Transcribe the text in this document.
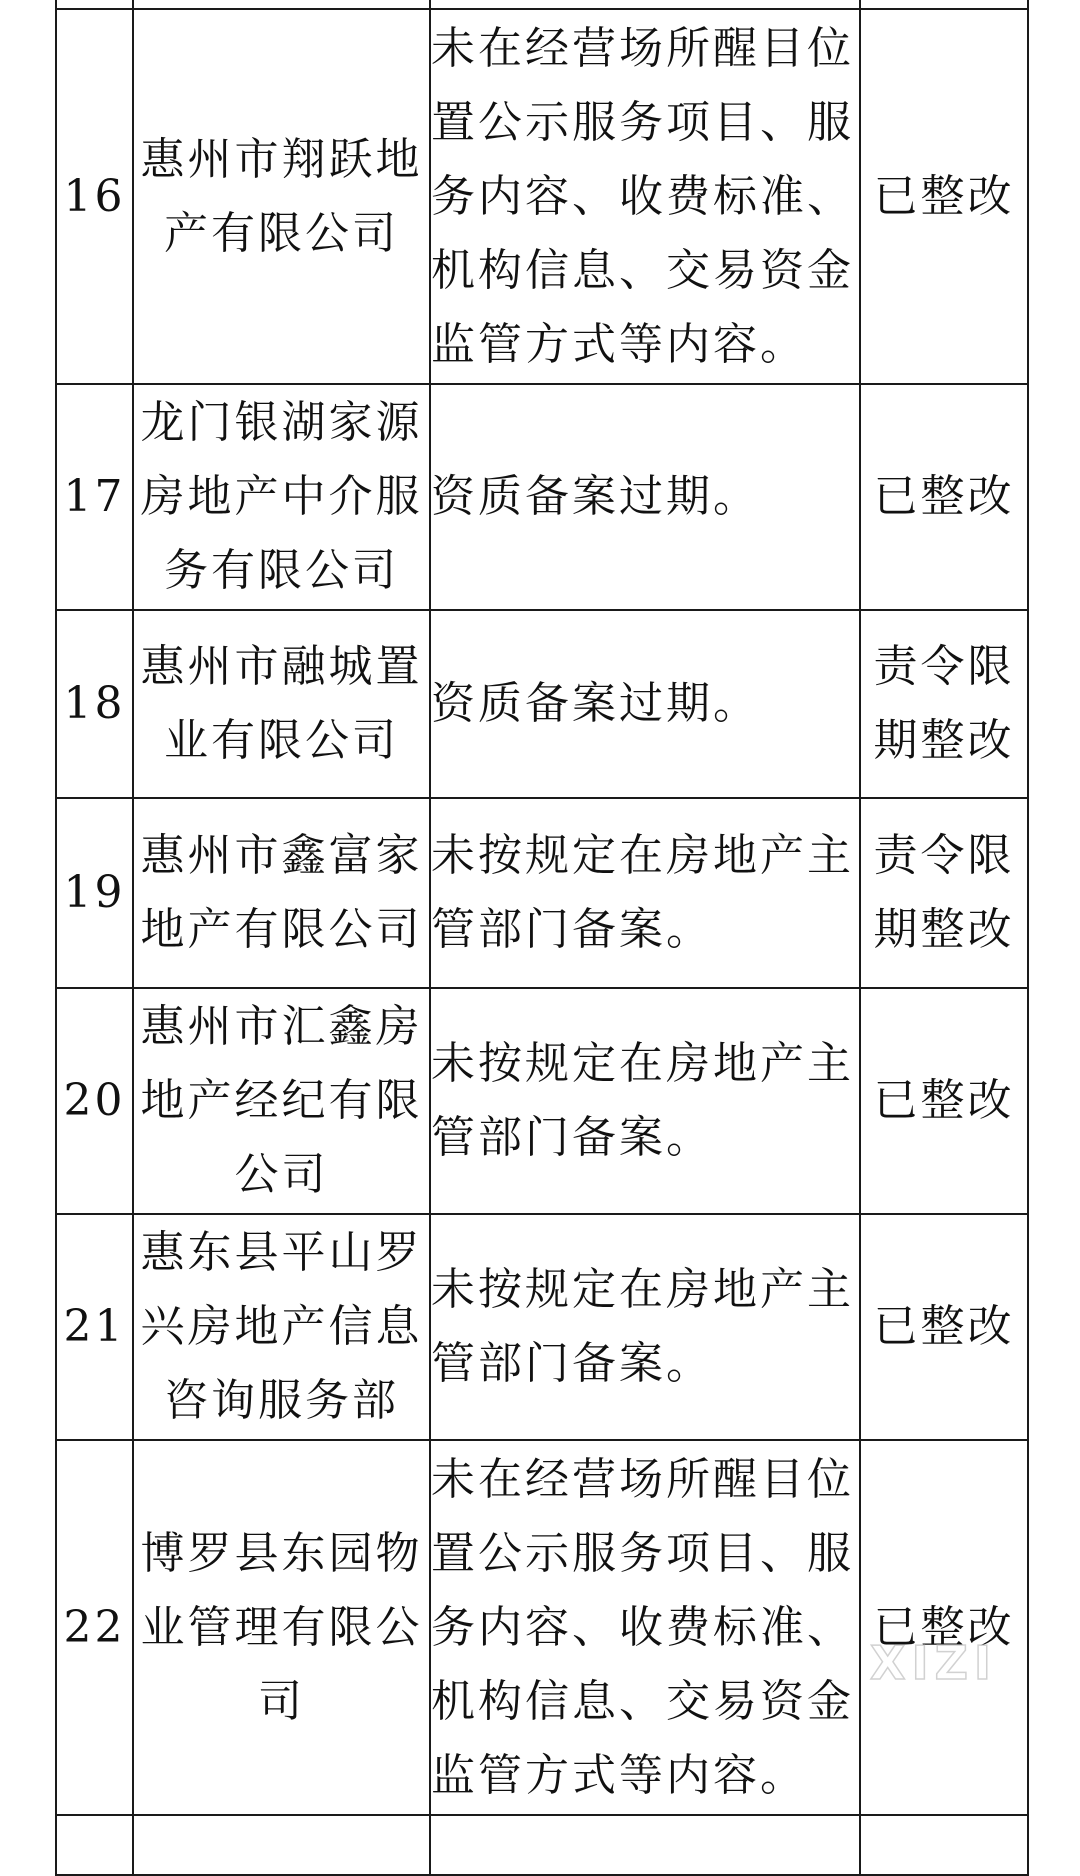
16	惠州市翔跃地产有限公司	未在经营场所醒目位置公示服务项目、服务内容、收费标准、机构信息、交易资金监管方式等内容。	已整改
17	龙门银湖家源房地产中介服务有限公司	资质备案过期。	已整改
18	惠州市融城置业有限公司	资质备案过期。	责令限期整改
19	惠州市鑫富家地产有限公司	未按规定在房地产主管部门备案。	责令限期整改
20	惠州市汇鑫房地产经纪有限公司	未按规定在房地产主管部门备案。	已整改
21	惠东县平山罗兴房地产信息咨询服务部	未按规定在房地产主管部门备案。	已整改
22	博罗县东园物业管理有限公司	未在经营场所醒目位置公示服务项目、服务内容、收费标准、机构信息、交易资金监管方式等内容。	已整改

XIZI
